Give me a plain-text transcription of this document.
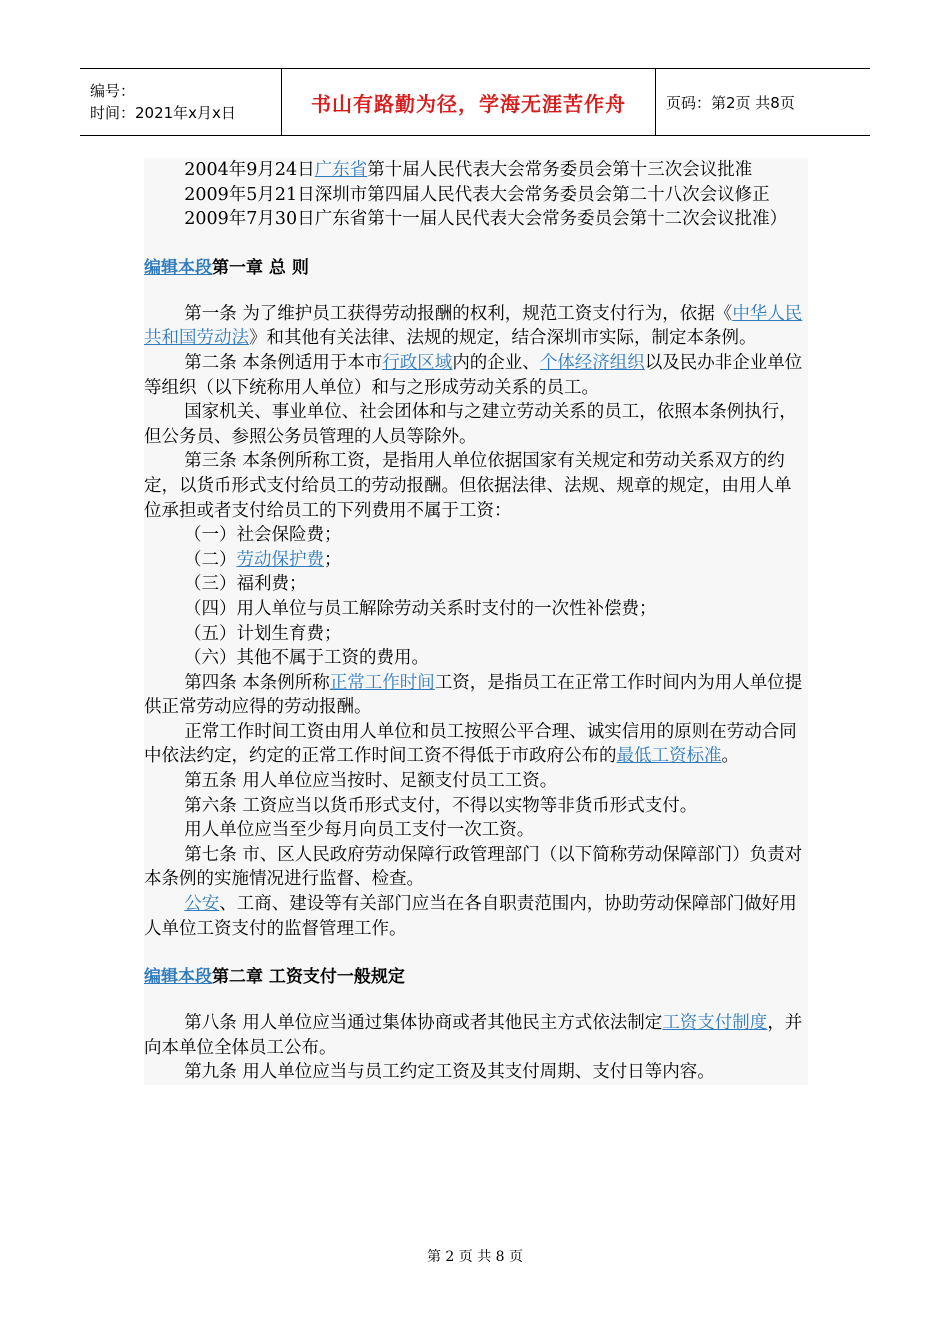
编号：
时间：2021年x月x日	书山有路勤为径，学海无涯苦作舟	页码：第2页 共8页
2004年9月24日广东省第十届人民代表大会常务委员会第十三次会议批准
2009年5月21日深圳市第四届人民代表大会常务委员会第二十八次会议修正
2009年7月30日广东省第十一届人民代表大会常务委员会第十二次会议批准）
编辑本段第一章 总 则
第一条 为了维护员工获得劳动报酬的权利，规范工资支付行为，依据《中华人民共和国劳动法》和其他有关法律、法规的规定，结合深圳市实际，制定本条例。
第二条 本条例适用于本市行政区域内的企业、个体经济组织以及民办非企业单位等组织（以下统称用人单位）和与之形成劳动关系的员工。
国家机关、事业单位、社会团体和与之建立劳动关系的员工，依照本条例执行，但公务员、参照公务员管理的人员等除外。
第三条 本条例所称工资，是指用人单位依据国家有关规定和劳动关系双方的约定，以货币形式支付给员工的劳动报酬。但依据法律、法规、规章的规定，由用人单位承担或者支付给员工的下列费用不属于工资：
（一）社会保险费；
（二）劳动保护费；
（三）福利费；
（四）用人单位与员工解除劳动关系时支付的一次性补偿费；
（五）计划生育费；
（六）其他不属于工资的费用。
第四条 本条例所称正常工作时间工资，是指员工在正常工作时间内为用人单位提供正常劳动应得的劳动报酬。
正常工作时间工资由用人单位和员工按照公平合理、诚实信用的原则在劳动合同中依法约定，约定的正常工作时间工资不得低于市政府公布的最低工资标准。
第五条 用人单位应当按时、足额支付员工工资。
第六条 工资应当以货币形式支付，不得以实物等非货币形式支付。
用人单位应当至少每月向员工支付一次工资。
第七条 市、区人民政府劳动保障行政管理部门（以下简称劳动保障部门）负责对本条例的实施情况进行监督、检查。
公安、工商、建设等有关部门应当在各自职责范围内，协助劳动保障部门做好用人单位工资支付的监督管理工作。
编辑本段第二章 工资支付一般规定
第八条 用人单位应当通过集体协商或者其他民主方式依法制定工资支付制度，并向本单位全体员工公布。
第九条 用人单位应当与员工约定工资及其支付周期、支付日等内容。
第 2 页 共 8 页
